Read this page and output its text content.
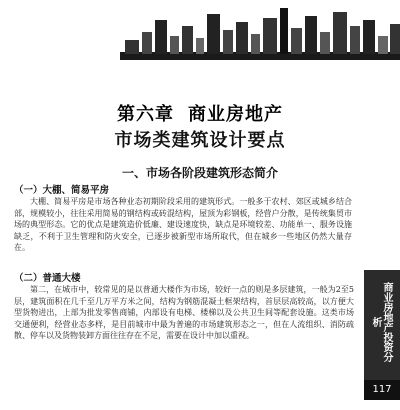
第六章 商业房地产
市场类建筑设计要点
一、市场各阶段建筑形态简介
（一）大棚、简易平房
大棚、简易平房是市场各种业态初期阶段采用的建筑形式。一般多于农村、郊区或城乡结合部，规模较小，往往采用简易的钢结构或砖混结构，屋顶为彩钢板，经营户分散，是传统集贸市场的典型形态。它的优点是建筑造价低廉、建设速度快，缺点是环境较差、功能单一、服务设施缺乏，不利于卫生管理和防火安全，已逐步被新型市场所取代，但在城乡一些地区仍然大量存在。
（二）普通大楼
第二，在城市中，较常见的是以普通大楼作为市场，较好一点的则是多层建筑，一般为2至5层，建筑面积在几千至几万平方米之间，结构为钢筋混凝土框架结构，首层层高较高，以方便大型货物进出，上部为批发零售商铺，内部设有电梯、楼梯以及公共卫生间等配套设施。这类市场交通便利，经营业态多样，是目前城市中最为普遍的市场建筑形态之一，但在人流组织、消防疏散、停车以及货物装卸方面往往存在不足，需要在设计中加以重视。	商业房地产投资分析
117
